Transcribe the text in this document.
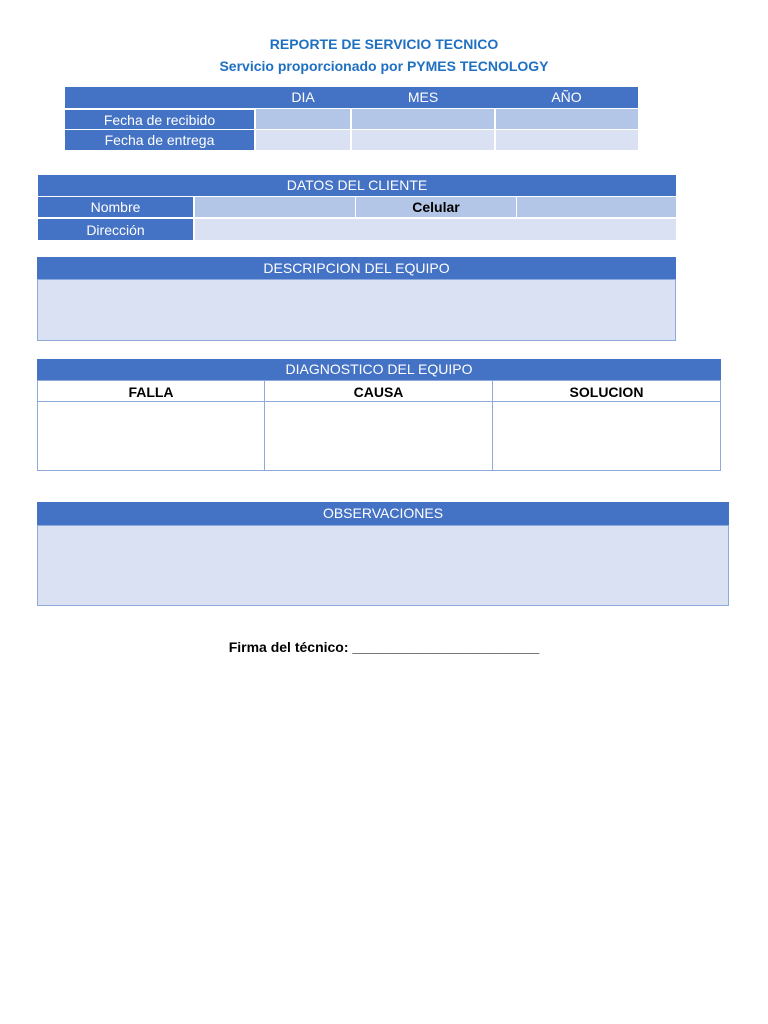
REPORTE DE SERVICIO TECNICO
Servicio proporcionado por PYMES TECNOLOGY
DIA	MES	AÑO
Fecha de recibido
Fecha de entrega
DATOS DEL CLIENTE
Nombre	Celular
Dirección
DESCRIPCION DEL EQUIPO
DIAGNOSTICO DEL EQUIPO
FALLA	CAUSA	SOLUCION
OBSERVACIONES
Firma del técnico: ________________________
